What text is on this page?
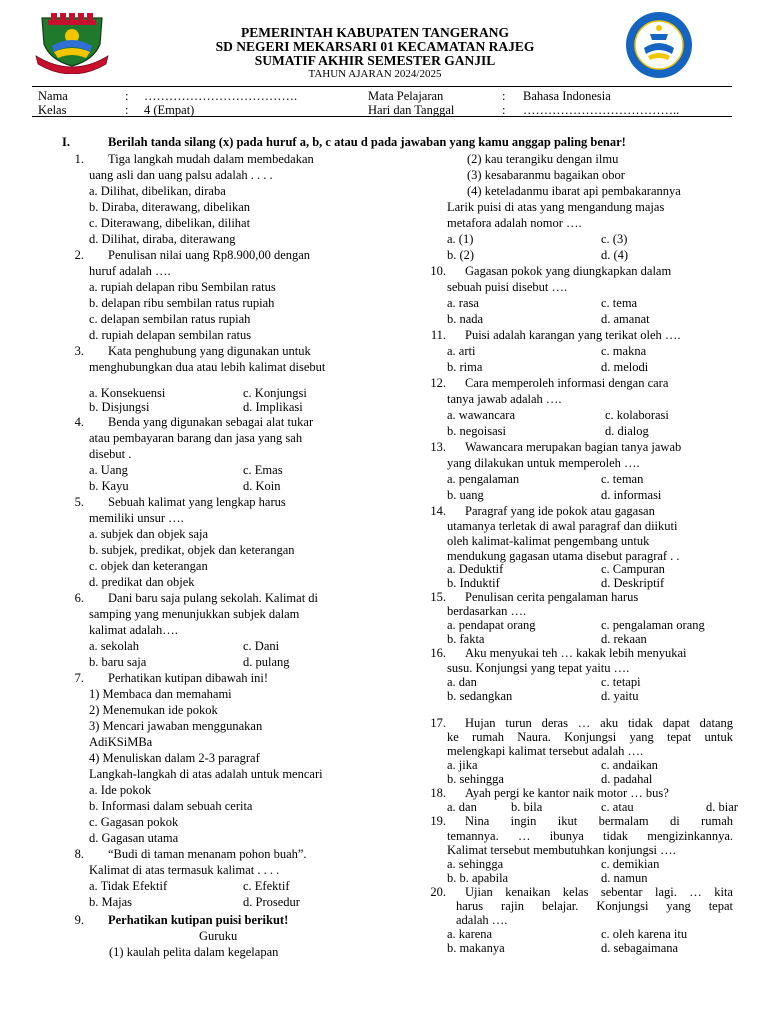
PEMERINTAH KABUPATEN TANGERANG
SD NEGERI MEKARSARI 01 KECAMATAN RAJEG
SUMATIF AKHIR SEMESTER GANJIL
TAHUN AJARAN 2024/2025
Nama	: ……………………………….
Kelas	: 4 (Empat)
Mata Pelajaran	: Bahasa Indonesia
Hari dan Tanggal	: ………………………………..
I.	Berilah tanda silang (x) pada huruf a, b, c atau d pada jawaban yang kamu anggap paling benar!
1. Tiga langkah mudah dalam membedakan
uang asli dan uang palsu adalah . . . .
a. Dilihat, dibelikan, diraba
b. Diraba, diterawang, dibelikan
c. Diterawang, dibelikan, dilihat
d. Dilihat, diraba, diterawang
2. Penulisan nilai uang Rp8.900,00 dengan
huruf adalah ….
a. rupiah delapan ribu Sembilan ratus
b. delapan ribu sembilan ratus rupiah
c. delapan sembilan ratus rupiah
d. rupiah delapan sembilan ratus
3. Kata penghubung yang digunakan untuk
menghubungkan dua atau lebih kalimat disebut
a. Konsekuensi	c. Konjungsi
b. Disjungsi	d. Implikasi
4. Benda yang digunakan sebagai alat tukar
atau pembayaran barang dan jasa yang sah
disebut .
a. Uang	c. Emas
b. Kayu	d. Koin
5. Sebuah kalimat yang lengkap harus
memiliki unsur ….
a. subjek dan objek saja
b. subjek, predikat, objek dan keterangan
c. objek dan keterangan
d. predikat dan objek
6. Dani baru saja pulang sekolah. Kalimat di
samping yang menunjukkan subjek dalam
kalimat adalah….
a. sekolah	c. Dani
b. baru saja	d. pulang
7. Perhatikan kutipan dibawah ini!
1) Membaca dan memahami
2) Menemukan ide pokok
3) Mencari jawaban menggunakan
AdiKSiMBa
4) Menuliskan dalam 2-3 paragraf
Langkah-langkah di atas adalah untuk mencari
a. Ide pokok
b. Informasi dalam sebuah cerita
c. Gagasan pokok
d. Gagasan utama
8. “Budi di taman menanam pohon buah”.
Kalimat di atas termasuk kalimat . . . .
a. Tidak Efektif	c. Efektif
b. Majas	d. Prosedur
9. Perhatikan kutipan puisi berikut!
Guruku
(1) kaulah pelita dalam kegelapan
(2) kau terangiku dengan ilmu
(3) kesabaranmu bagaikan obor
(4) keteladanmu ibarat api pembakarannya
Larik puisi di atas yang mengandung majas
metafora adalah nomor ….
a. (1)	c. (3)
b. (2)	d. (4)
10. Gagasan pokok yang diungkapkan dalam
sebuah puisi disebut ….
a. rasa	c. tema
b. nada	d. amanat
11. Puisi adalah karangan yang terikat oleh ….
a. arti	c. makna
b. rima	d. melodi
12. Cara memperoleh informasi dengan cara
tanya jawab adalah ….
a. wawancara	c. kolaborasi
b. negoisasi	d. dialog
13. Wawancara merupakan bagian tanya jawab
yang dilakukan untuk memperoleh ….
a. pengalaman	c. teman
b. uang	d. informasi
14. Paragraf yang ide pokok atau gagasan
utamanya terletak di awal paragraf dan diikuti
oleh kalimat-kalimat pengembang untuk
mendukung gagasan utama disebut paragraf . .
a. Deduktif	c. Campuran
b. Induktif	d. Deskriptif
15. Penulisan cerita pengalaman harus
berdasarkan ….
a. pendapat orang	c. pengalaman orang
b. fakta	d. rekaan
16. Aku menyukai teh … kakak lebih menyukai
susu. Konjungsi yang tepat yaitu ….
a. dan	c. tetapi
b. sedangkan	d. yaitu
17. Hujan turun deras … aku tidak dapat datang
ke rumah Naura. Konjungsi yang tepat untuk
melengkapi kalimat tersebut adalah ….
a. jika	c. andaikan
b. sehingga	d. padahal
18. Ayah pergi ke kantor naik motor … bus?
a. dan	b. bila	c. atau	d. biar
19. Nina ingin ikut bermalam di rumah
temannya. … ibunya tidak mengizinkannya.
Kalimat tersebut membutuhkan konjungsi ….
a. sehingga	c. demikian
b. b. apabila	d. namun
20. Ujian kenaikan kelas sebentar lagi. … kita
harus rajin belajar. Konjungsi yang tepat
adalah ….
a. karena	c. oleh karena itu
b. makanya	d. sebagaimana
